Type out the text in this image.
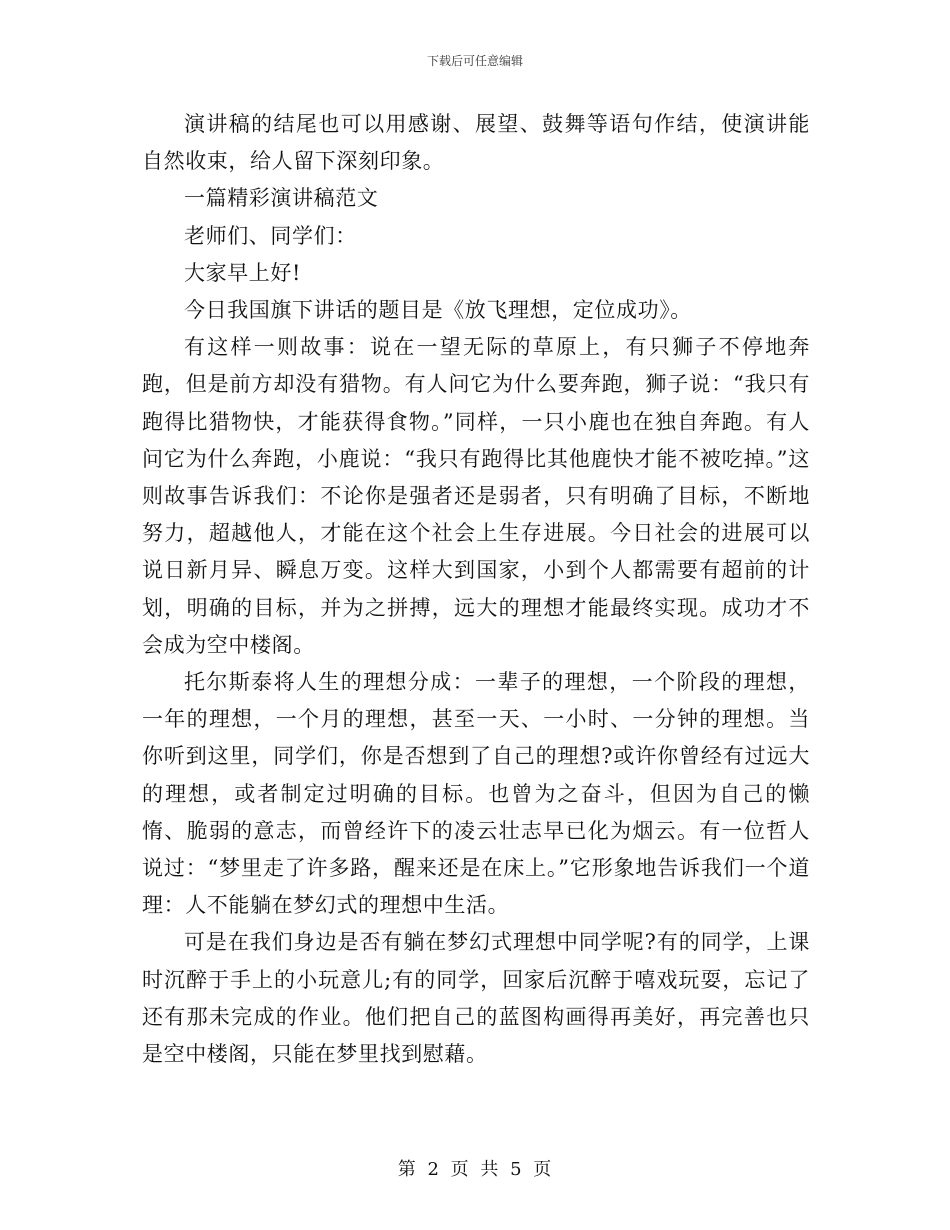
下载后可任意编辑

演讲稿的结尾也可以用感谢、展望、鼓舞等语句作结，使演讲能自然收束，给人留下深刻印象。

一篇精彩演讲稿范文

老师们、同学们：

大家早上好!

今日我国旗下讲话的题目是《放飞理想，定位成功》。

有这样一则故事：说在一望无际的草原上，有只狮子不停地奔跑，但是前方却没有猎物。有人问它为什么要奔跑，狮子说：“我只有跑得比猎物快，才能获得食物。”同样，一只小鹿也在独自奔跑。有人问它为什么奔跑，小鹿说：“我只有跑得比其他鹿快才能不被吃掉。”这则故事告诉我们：不论你是强者还是弱者，只有明确了目标，不断地努力，超越他人，才能在这个社会上生存进展。今日社会的进展可以说日新月异、瞬息万变。这样大到国家，小到个人都需要有超前的计划，明确的目标，并为之拼搏，远大的理想才能最终实现。成功才不会成为空中楼阁。

托尔斯泰将人生的理想分成：一辈子的理想，一个阶段的理想，一年的理想，一个月的理想，甚至一天、一小时、一分钟的理想。当你听到这里，同学们，你是否想到了自己的理想?或许你曾经有过远大的理想，或者制定过明确的目标。也曾为之奋斗，但因为自己的懒惰、脆弱的意志，而曾经许下的凌云壮志早已化为烟云。有一位哲人说过：“梦里走了许多路，醒来还是在床上。”它形象地告诉我们一个道理：人不能躺在梦幻式的理想中生活。

可是在我们身边是否有躺在梦幻式理想中同学呢?有的同学，上课时沉醉于手上的小玩意儿;有的同学，回家后沉醉于嘻戏玩耍，忘记了还有那未完成的作业。他们把自己的蓝图构画得再美好，再完善也只是空中楼阁，只能在梦里找到慰藉。

第 2 页 共 5 页
